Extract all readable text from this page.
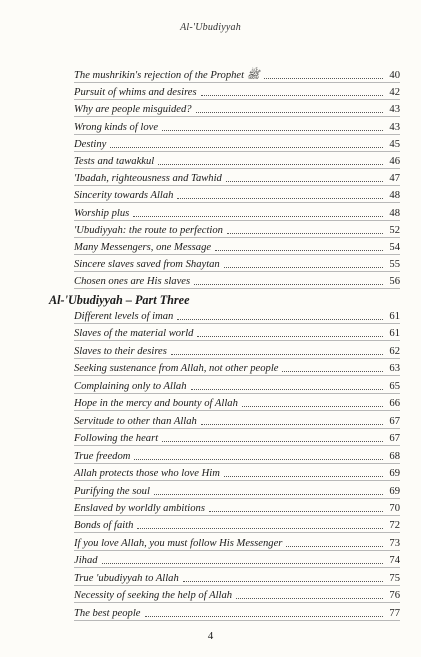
Al-'Ubudiyyah
The mushrikin's rejection of the Prophet ﷺ	40
Pursuit of whims and desires	42
Why are people misguided?	43
Wrong kinds of love	43
Destiny	45
Tests and tawakkul	46
'Ibadah, righteousness and Tawhid	47
Sincerity towards Allah	48
Worship plus	48
'Ubudiyyah: the route to perfection	52
Many Messengers, one Message	54
Sincere slaves saved from Shaytan	55
Chosen ones are His slaves	56
Different levels of iman	61
Slaves of the material world	61
Slaves to their desires	62
Seeking sustenance from Allah, not other people	63
Complaining only to Allah	65
Hope in the mercy and bounty of Allah	66
Servitude to other than Allah	67
Following the heart	67
True freedom	68
Allah protects those who love Him	69
Purifying the soul	69
Enslaved by worldly ambitions	70
Bonds of faith	72
If you love Allah, you must follow His Messenger	73
Jihad	74
True 'ubudiyyah to Allah	75
Necessity of seeking the help of Allah	76
The best people	77
Al-'Ubudiyyah – Part Three
4
